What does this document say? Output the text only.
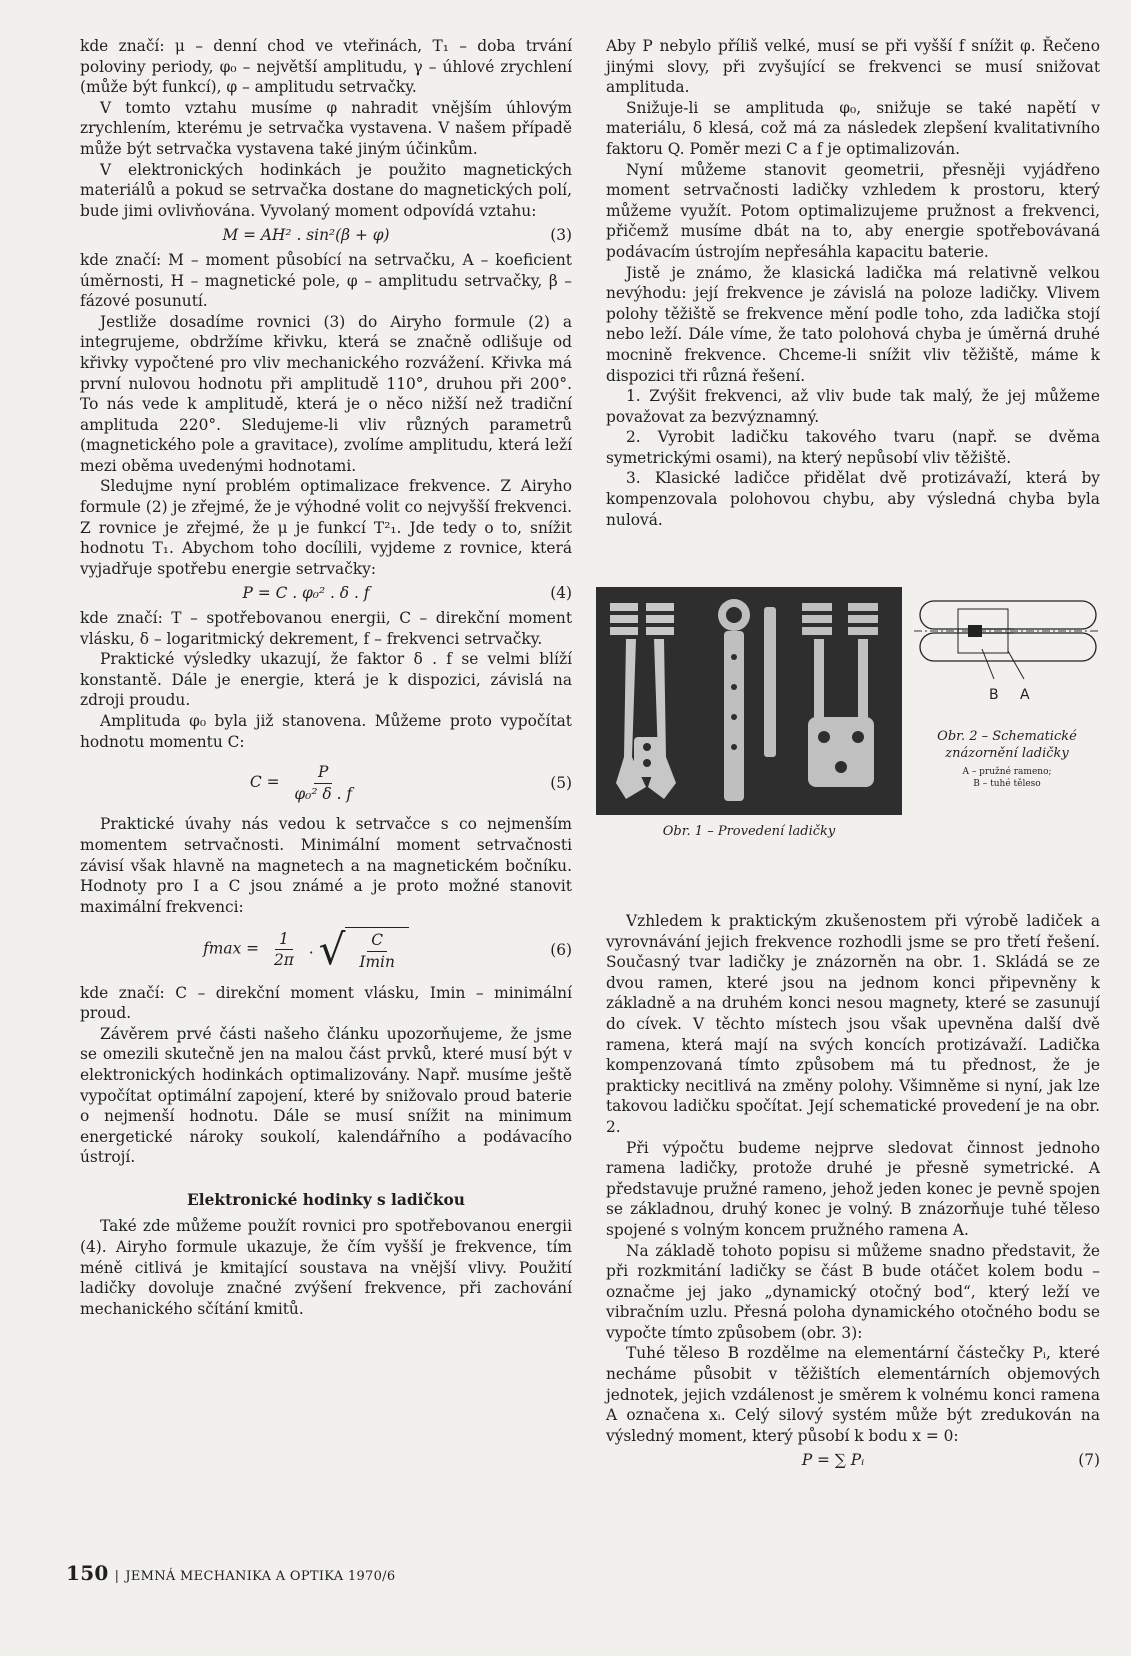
kde značí: μ – denní chod ve vteřinách, T₁ – doba trvání poloviny periody, φ₀ – největší amplitudu, γ – úhlové zrychlení (může být funkcí), φ – amplitudu setrvačky.

V tomto vztahu musíme φ nahradit vnějším úhlovým zrychlením, kterému je setrvačka vystavena. V našem případě může být setrvačka vystavena také jiným účinkům.

V elektronických hodinkách je použito magnetických materiálů a pokud se setrvačka dostane do magnetických polí, bude jimi ovlivňována. Vyvolaný moment odpovídá vztahu:

M = AH² . sin²(β + φ)	(3)

kde značí: M – moment působící na setrvačku, A – koeficient úměrnosti, H – magnetické pole, φ – amplitudu setrvačky, β – fázové posunutí.

Jestliže dosadíme rovnici (3) do Airyho formule (2) a integrujeme, obdržíme křivku, která se značně odlišuje od křivky vypočtené pro vliv mechanického rozvážení. Křivka má první nulovou hodnotu při amplitudě 110°, druhou při 200°. To nás vede k amplitudě, která je o něco nižší než tradiční amplituda 220°. Sledujeme-li vliv různých parametrů (magnetického pole a gravitace), zvolíme amplitudu, která leží mezi oběma uvedenými hodnotami.

Sledujme nyní problém optimalizace frekvence. Z Airyho formule (2) je zřejmé, že je výhodné volit co nejvyšší frekvenci. Z rovnice je zřejmé, že μ je funkcí T²₁. Jde tedy o to, snížit hodnotu T₁. Abychom toho docílili, vyjdeme z rovnice, která vyjadřuje spotřebu energie setrvačky:

P = C . φ₀² . δ . f	(4)

kde značí: T – spotřebovanou energii, C – direkční moment vlásku, δ – logaritmický dekrement, f – frekvenci setrvačky.

Praktické výsledky ukazují, že faktor δ . f se velmi blíží konstantě. Dále je energie, která je k dispozici, závislá na zdroji proudu.

Amplituda φ₀ byla již stanovena. Můžeme proto vypočítat hodnotu momentu C:

$C = \frac{P}{\text{φ₀² δ . f}}$	(5)

Praktické úvahy nás vedou k setrvačce s co nejmenším momentem setrvačnosti. Minimální moment setrvačnosti závisí však hlavně na magnetech a na magnetickém bočníku. Hodnoty pro I a C jsou známé a je proto možné stanovit maximální frekvenci:

$fmax = \frac{1}{2\pi}$ . √ $\frac{C}{Imin}$	(6)

kde značí: C – direkční moment vlásku, Imin – minimální proud.

Závěrem prvé části našeho článku upozorňujeme, že jsme se omezili skutečně jen na malou část prvků, které musí být v elektronických hodinkách optimalizovány. Např. musíme ještě vypočítat optimální zapojení, které by snižovalo proud baterie o nejmenší hodnotu. Dále se musí snížit na minimum energetické nároky soukolí, kalendářního a podávacího ústrojí.

Elektronické hodinky s ladičkou

Také zde můžeme použít rovnici pro spotřebovanou energii (4). Airyho formule ukazuje, že čím vyšší je frekvence, tím méně citlivá je kmitající soustava na vnější vlivy. Použití ladičky dovoluje značné zvýšení frekvence, při zachování mechanického sčítání kmitů.

Aby P nebylo příliš velké, musí se při vyšší f snížit φ. Řečeno jinými slovy, při zvyšující se frekvenci se musí snižovat amplituda.

Snižuje-li se amplituda φ₀, snižuje se také napětí v materiálu, δ klesá, což má za následek zlepšení kvalitativního faktoru Q. Poměr mezi C a f je optimalizován.

Nyní můžeme stanovit geometrii, přesněji vyjádřeno moment setrvačnosti ladičky vzhledem k prostoru, který můžeme využít. Potom optimalizujeme pružnost a frekvenci, přičemž musíme dbát na to, aby energie spotřebovávaná podávacím ústrojím nepřesáhla kapacitu baterie.

Jistě je známo, že klasická ladička má relativně velkou nevýhodu: její frekvence je závislá na poloze ladičky. Vlivem polohy těžiště se frekvence mění podle toho, zda ladička stojí nebo leží. Dále víme, že tato polohová chyba je úměrná druhé mocnině frekvence. Chceme-li snížit vliv těžiště, máme k dispozici tři různá řešení.

1. Zvýšit frekvenci, až vliv bude tak malý, že jej můžeme považovat za bezvýznamný.

2. Vyrobit ladičku takového tvaru (např. se dvěma symetrickými osami), na který nepůsobí vliv těžiště.

3. Klasické ladičce přidělat dvě protizávaží, která by kompenzovala polohovou chybu, aby výsledná chyba byla nulová.

Obr. 1 – Provedení ladičky
B A
Obr. 2 – Schematické znázornění ladičky
A – pružné rameno;
B – tuhé těleso

Vzhledem k praktickým zkušenostem při výrobě ladiček a vyrovnávání jejich frekvence rozhodli jsme se pro třetí řešení. Současný tvar ladičky je znázorněn na obr. 1. Skládá se ze dvou ramen, které jsou na jednom konci připevněny k základně a na druhém konci nesou magnety, které se zasunují do cívek. V těchto místech jsou však upevněna další dvě ramena, která mají na svých koncích protizávaží. Ladička kompenzovaná tímto způsobem má tu přednost, že je prakticky necitlivá na změny polohy. Všimněme si nyní, jak lze takovou ladičku spočítat. Její schematické provedení je na obr. 2.

Při výpočtu budeme nejprve sledovat činnost jednoho ramena ladičky, protože druhé je přesně symetrické. A představuje pružné rameno, jehož jeden konec je pevně spojen se základnou, druhý konec je volný. B znázorňuje tuhé těleso spojené s volným koncem pružného ramena A.

Na základě tohoto popisu si můžeme snadno představit, že při rozkmitání ladičky se část B bude otáčet kolem bodu – označme jej jako „dynamický otočný bod“, který leží ve vibračním uzlu. Přesná poloha dynamického otočného bodu se vypočte tímto způsobem (obr. 3):

Tuhé těleso B rozdělme na elementární částečky Pᵢ, které necháme působit v těžištích elementárních objemových jednotek, jejich vzdálenost je směrem k volnému konci ramena A označena xᵢ. Celý silový systém může být zredukován na výsledný moment, který působí k bodu x = 0:

P = ∑ Pᵢ	(7)
150 | JEMNÁ MECHANIKA A OPTIKA 1970/6
